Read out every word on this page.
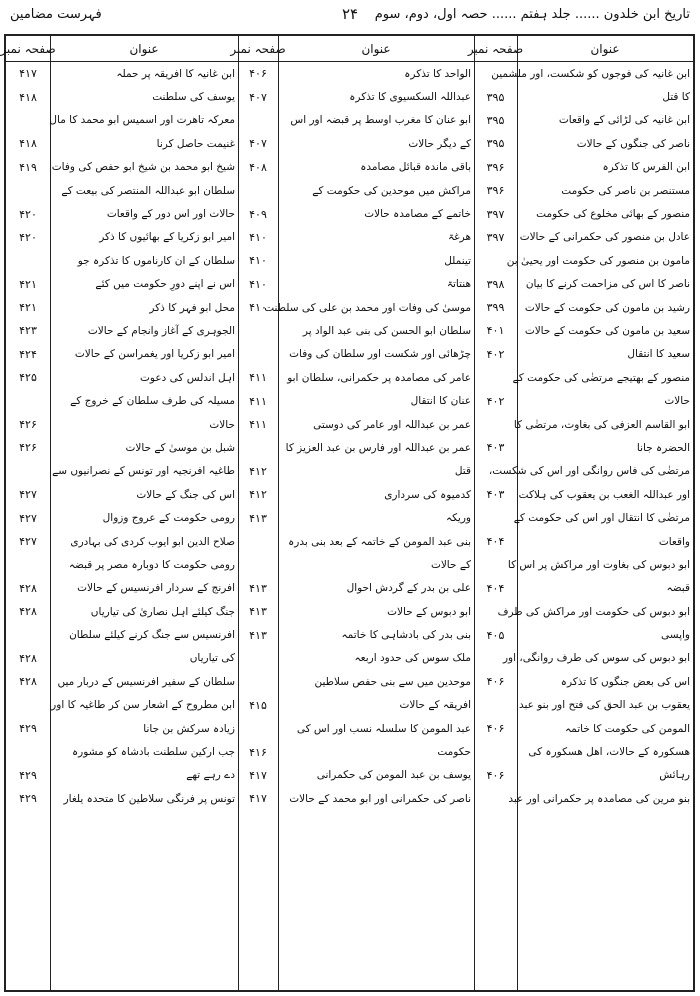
تاریخ ابن خلدون ...... جلد ہفتم ...... حصہ اول، دوم، سوم
۲۴
فہرست مضامین
عنوان
صفحہ نمبر
ابن غانیہ کی فوجوں کو شکست، اور ملشمین
کا قتل
۳۹۵
ابن غانیہ کی لڑائی کے واقعات
۳۹۵
ناصر کی جنگوں کے حالات
۳۹۵
ابن الفرس کا تذکرہ
۳۹۶
مستنصر بن ناصر کی حکومت
۳۹۶
منصور کے بھائی مخلوع کی حکومت
۳۹۷
عادل بن منصور کی حکمرانی کے حالات
۳۹۷
مامون بن منصور کی حکومت اور یحییٰ بن
ناصر کا اس کی مزاحمت کرنے کا بیان
۳۹۸
رشید بن مامون کی حکومت کے حالات
۳۹۹
سعید بن مامون کی حکومت کے حالات
۴۰۱
سعید کا انتقال
۴۰۲
منصور کے بھتیجے مرتضٰی کی حکومت کے
حالات
۴۰۲
ابو القاسم العزفی کی بغاوت، مرتضٰی کا
الحضرہ جانا
۴۰۳
مرتضٰی کی فاس روانگی اور اس کی شکست،
اور عبداللہ الغعب بن یعقوب کی ہلاکت
۴۰۳
مرتضٰی کا انتقال اور اس کی حکومت کے
واقعات
۴۰۴
ابو دبوس کی بغاوت اور مراکش پر اس کا
قبضہ
۴۰۴
ابو دبوس کی حکومت اور مراکش کی طرف
واپسی
۴۰۵
ابو دبوس کی سوس کی طرف روانگی، اور
اس کی بعض جنگوں کا تذکرہ
۴۰۶
یعقوب بن عبد الحق کی فتح اور بنو عبد
المومن کی حکومت کا خاتمہ
۴۰۶
هسکورہ کے حالات، اهل هسکورہ کی
رہائش
۴۰۶
بنو مرین کی مصامدہ پر حکمرانی اور عبد
عنوان
صفحہ نمبر
الواحد کا تذکرہ
۴۰۶
عبداللہ السکسیوی کا تذکرہ
۴۰۷
ابو عنان کا مغرب اوسط پر قبضہ اور اس
کے دیگر حالات
۴۰۷
باقی ماندہ قبائل مصامدہ
۴۰۸
مراکش میں موحدین کی حکومت کے
خاتمے کے مصامدہ حالات
۴۰۹
هرغۃ
۴۱۰
تینملل
۴۱۰
هنتاتۃ
۴۱۰
موسیٰ کی وفات اور محمد بن علی کی سلطنت
۴۱۰
سلطان ابو الحسن کی بنی عبد الواد پر
چڑھائی اور شکست اور سلطان کی وفات
عامر کی مصامدہ پر حکمرانی، سلطان ابو
۴۱۱
عنان کا انتقال
۴۱۱
عمر بن عبداللہ اور عامر کی دوستی
۴۱۱
عمر بن عبداللہ اور فارس بن عبد العزیز کا
قتل
۴۱۲
کدمیوہ کی سرداری
۴۱۲
وریکہ
۴۱۳
بنی عبد المومن کے خاتمہ کے بعد بنی بدرہ
کے حالات
علی بن بدر کے گردش احوال
۴۱۳
ابو دبوس کے حالات
۴۱۳
بنی بدر کی بادشاہی کا خاتمہ
۴۱۳
ملک سوس کی حدود اربعہ
موحدین میں سے بنی حفص سلاطین
افریقہ کے حالات
۴۱۵
عبد المومن کا سلسلہ نسب اور اس کی
حکومت
۴۱۶
یوسف بن عبد المومن کی حکمرانی
۴۱۷
ناصر کی حکمرانی اور ابو محمد کے حالات
۴۱۷
عنوان
صفحہ نمبر
ابن غانیہ کا افریقہ پر حملہ
۴۱۷
یوسف کی سلطنت
۴۱۸
معرکہ تاهرت اور اسمیس ابو محمد کا مال
غنیمت حاصل کرنا
۴۱۸
شیخ ابو محمد بن شیخ ابو حفص کی وفات
۴۱۹
سلطان ابو عبداللہ المنتصر کی بیعت کے
حالات اور اس دور کے واقعات
۴۲۰
امیر ابو زکریا کے بھائیوں کا ذکر
۴۲۰
سلطان کے ان کارناموں کا تذکرہ جو
اس نے اپنے دورِ حکومت میں کئے
۴۲۱
محل ابو فہر کا ذکر
۴۲۱
الجوہری کے آغاز وانجام کے حالات
۴۲۳
امیر ابو زکریا اور یغمراسن کے حالات
۴۲۴
اہل اندلس کی دعوت
۴۲۵
مسیلہ کی طرف سلطان کے خروج کے
حالات
۴۲۶
شبل بن موسیٰ کے حالات
۴۲۶
طاغیہ افرنجیہ اور تونس کے نصرانیوں سے
اس کی جنگ کے حالات
۴۲۷
رومی حکومت کے عروج وزوال
۴۲۷
صلاح الدین ابو ایوب کردی کی بہادری
۴۲۷
رومی حکومت کا دوبارہ مصر پر قبضہ
افرنج کے سردار افرنسیس کے حالات
۴۲۸
جنگ کیلئے اہل نصاریٰ کی تیاریاں
۴۲۸
افرنسیس سے جنگ کرنے کیلئے سلطان
کی تیاریاں
۴۲۸
سلطان کے سفیر افرنسیس کے دربار میں
۴۲۸
ابن مطروح کے اشعار سن کر طاغیہ کا اور
زیادہ سرکش بن جانا
۴۲۹
جب ارکین سلطنت بادشاہ کو مشورہ
دے رہے تھے
۴۲۹
تونس پر فرنگی سلاطین کا متحدہ یلغار
۴۲۹
